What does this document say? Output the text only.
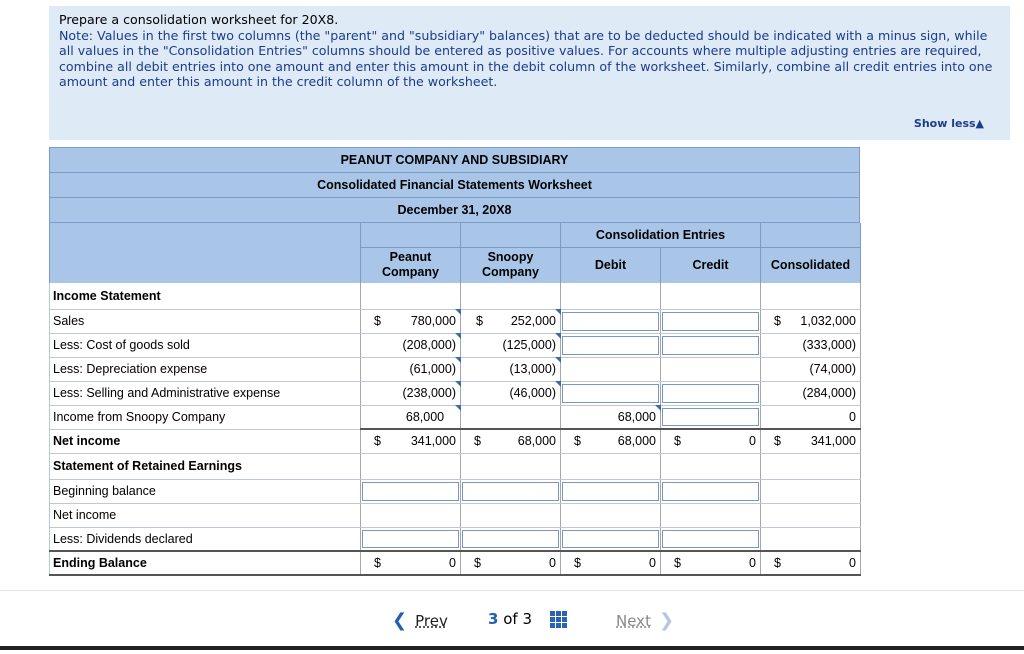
Prepare a consolidation worksheet for 20X8.
Note: Values in the first two columns (the "parent" and "subsidiary" balances) that are to be deducted should be indicated with a minus sign, while all values in the "Consolidation Entries" columns should be entered as positive values. For accounts where multiple adjusting entries are required, combine all debit entries into one amount and enter this amount in the debit column of the worksheet. Similarly, combine all credit entries into one amount and enter this amount in the credit column of the worksheet.
Show less▲
PEANUT COMPANY AND SUBSIDIARY
Consolidated Financial Statements Worksheet
December 31, 20X8
			Consolidation Entries		
	Peanut Company	Snoopy Company	Debit	Credit	Consolidated
Income Statement					
Sales	$ 780,000	$ 252,000			$ 1,032,000

Less: Cost of goods sold	(208,000)	(125,000)			(333,000)

Less: Depreciation expense	(61,000)	(13,000)			(74,000)

Less: Selling and Administrative expense	(238,000)	(46,000)			(284,000)

Income from Snoopy Company	68,000		68,000		0

Net income	$ 341,000	$ 68,000	$ 68,000	$ 0	$ 341,000

Statement of Retained Earnings					
Beginning balance	

Net income					
Less: Dividends declared	

Ending Balance	$ 0	$ 0	$ 0	$ 0	$ 0
❮ Prev	3 of 3	Next ❯
